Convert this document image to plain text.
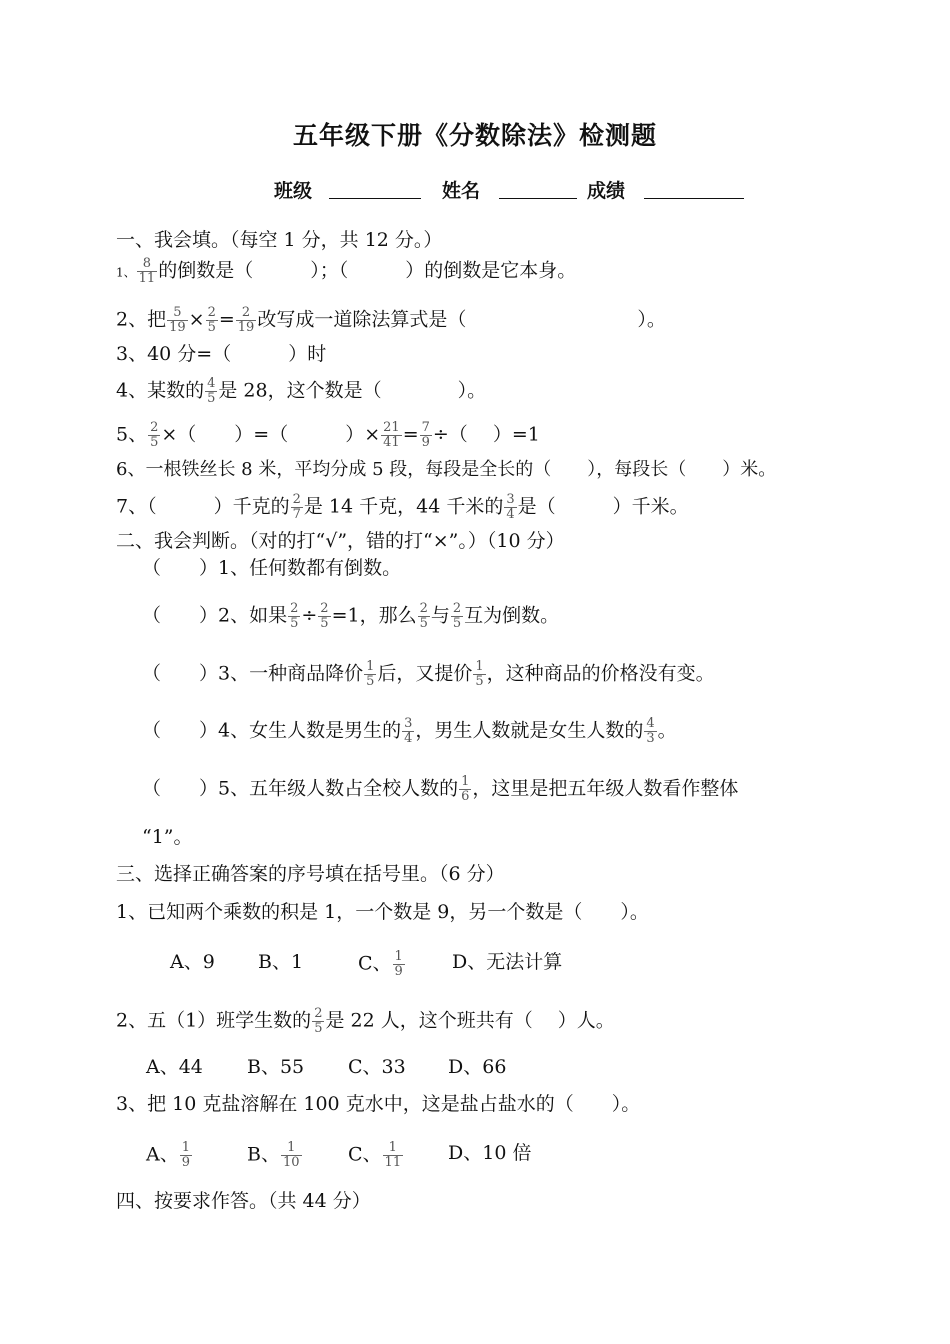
五年级下册《分数除法》检测题
班级	姓名	成绩
一、我会填。（每空 1 分，共 12 分。）
1、 $\frac{8}{11}$ 的倒数是（　　　）；（　　　）的倒数是它本身。
2、把 $\frac{5}{19} \times \frac{2}{5} = \frac{2}{19}$ 改写成一道除法算式是（　　　　　　　　　）。
3、40 分=（　　　）时
4、某数的 $\frac{4}{5}$ 是 28，这个数是（　　　　）。
5、 $\frac{2}{5}$ ×（　　）=（　　　）× $\frac{21}{41} = \frac{7}{9}$ ÷（　 ）=1
6、一根铁丝长 8 米，平均分成 5 段，每段是全长的（　　），每段长（　　）米。
7、（　　　）千克的 $\frac{2}{7}$ 是 14 千克，44 千米的 $\frac{3}{4}$ 是（　　　）千米。
二、我会判断。（对的打“√”，错的打“×”。）（10 分）
（　　）1、任何数都有倒数。
（　　）2、如果 $\frac{2}{5} \div \frac{2}{5} =1$，那么 $\frac{2}{5}$ 与 $\frac{2}{5}$ 互为倒数。
（　　）3、一种商品降价 $\frac{1}{5}$ 后，又提价 $\frac{1}{5}$ ，这种商品的价格没有变。
（　　）4、女生人数是男生的 $\frac{3}{4}$ ，男生人数就是女生人数的 $\frac{4}{3}$ 。
（　　）5、五年级人数占全校人数的 $\frac{1}{6}$ ，这里是把五年级人数看作整体
“1”。
三、选择正确答案的序号填在括号里。（6 分）
1、已知两个乘数的积是 1，一个数是 9，另一个数是（　　）。
A、9 B、1	C、 $\frac{1}{9}$ D、无法计算
2、五（1）班学生数的 $\frac{2}{5}$ 是 22 人，这个班共有（　 ）人。
A、44 B、55 C、33 D、66
3、把 10 克盐溶解在 100 克水中，这是盐占盐水的（　　）。
A、 $\frac{1}{9}$	B、 $\frac{1}{10}$ C、 $\frac{1}{11}$ D、10 倍
四、按要求作答。（共 44 分）
